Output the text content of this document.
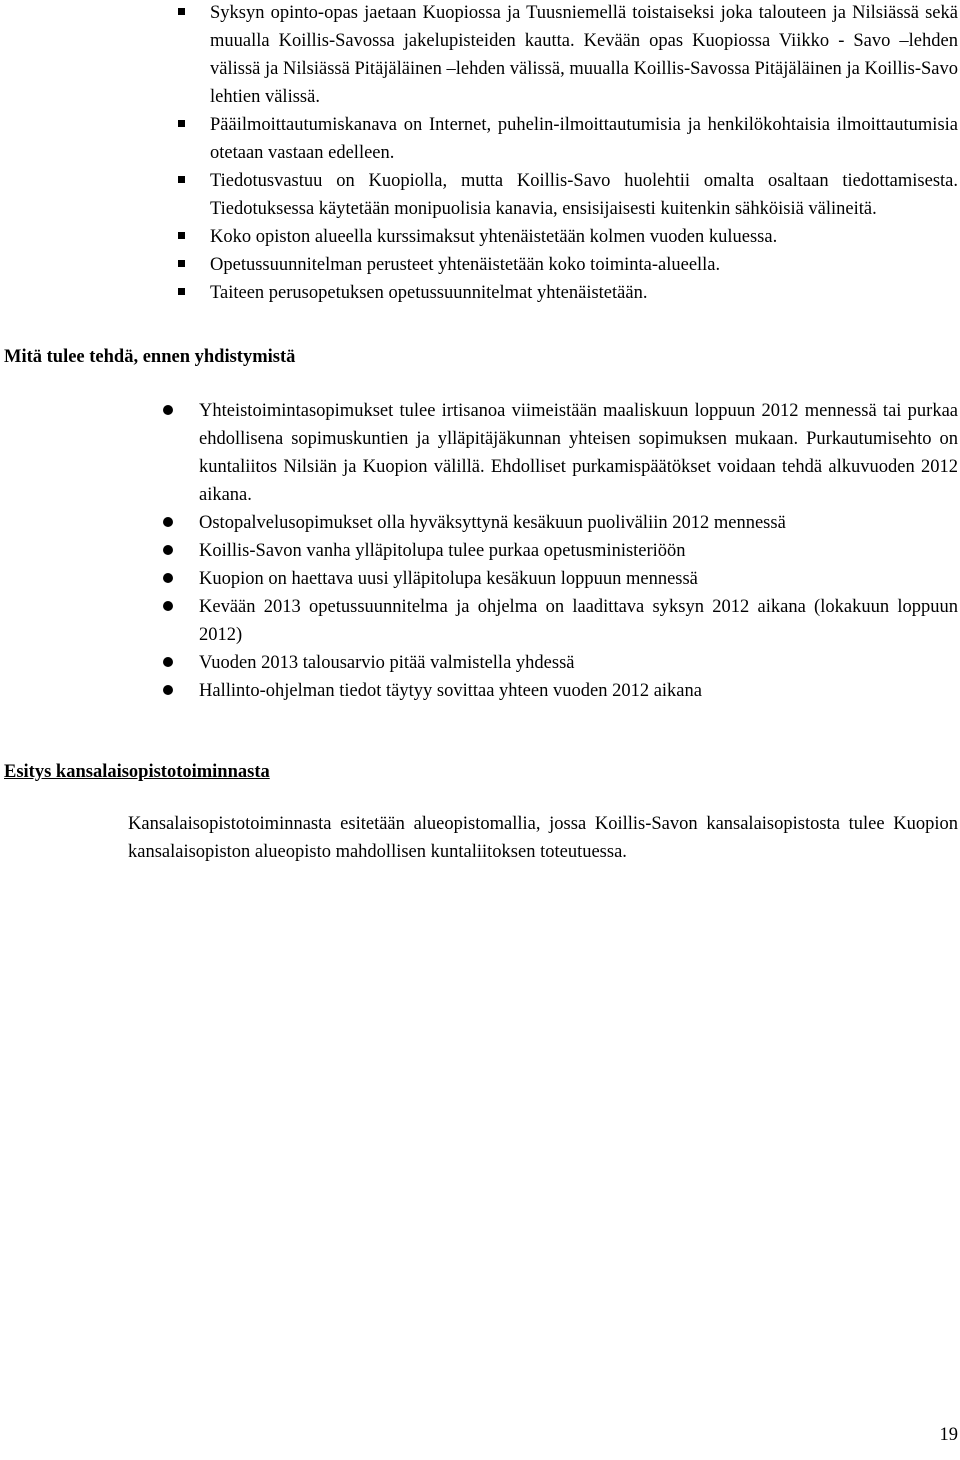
Syksyn opinto-opas jaetaan Kuopiossa ja Tuusniemellä toistaiseksi joka talouteen ja Nilsiässä sekä muualla Koillis-Savossa jakelupisteiden kautta. Kevään opas Kuopiossa Viikko - Savo –lehden välissä ja Nilsiässä Pitäjäläinen –lehden välissä, muualla Koillis-Savossa Pitäjäläinen ja Koillis-Savo lehtien välissä.
Pääilmoittautumiskanava on Internet, puhelin-ilmoittautumisia ja henkilökohtaisia ilmoittautumisia otetaan vastaan edelleen.
Tiedotusvastuu on Kuopiolla, mutta Koillis-Savo huolehtii omalta osaltaan tiedottamisesta. Tiedotuksessa käytetään monipuolisia kanavia, ensisijaisesti kuitenkin sähköisiä välineitä.
Koko opiston alueella kurssimaksut yhtenäistetään kolmen vuoden kuluessa.
Opetussuunnitelman perusteet yhtenäistetään koko toiminta-alueella.
Taiteen perusopetuksen opetussuunnitelmat yhtenäistetään.

Mitä tulee tehdä, ennen yhdistymistä

Yhteistoimintasopimukset tulee irtisanoa viimeistään maaliskuun loppuun 2012 mennessä tai purkaa ehdollisena sopimuskuntien ja ylläpitäjäkunnan yhteisen sopimuksen mukaan. Purkautumisehto on kuntaliitos Nilsiän ja Kuopion välillä. Ehdolliset purkamispäätökset voidaan tehdä alkuvuoden 2012 aikana.
Ostopalvelusopimukset olla hyväksyttynä kesäkuun puoliväliin 2012 mennessä
Koillis-Savon vanha ylläpitolupa tulee purkaa opetusministeriöön
Kuopion on haettava uusi ylläpitolupa kesäkuun loppuun mennessä
Kevään 2013 opetussuunnitelma ja ohjelma on laadittava syksyn 2012 aikana (lokakuun loppuun 2012)
Vuoden 2013 talousarvio pitää valmistella yhdessä
Hallinto-ohjelman tiedot täytyy sovittaa yhteen vuoden 2012 aikana

Esitys kansalaisopistotoiminnasta

Kansalaisopistotoiminnasta esitetään alueopistomallia, jossa Koillis-Savon kansalaisopistosta tulee Kuopion kansalaisopiston alueopisto mahdollisen kuntaliitoksen toteutuessa.

19
